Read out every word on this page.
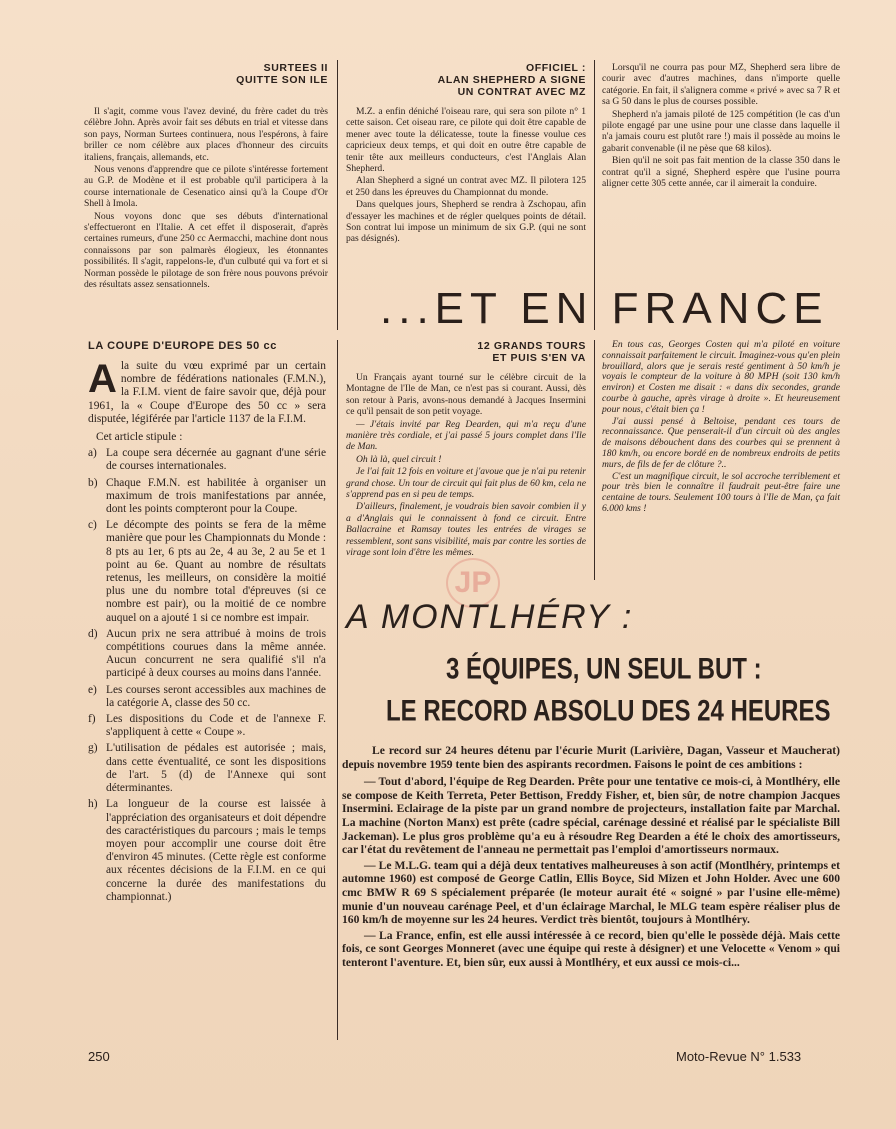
SURTEES II

QUITTE SON ILE

Il s'agit, comme vous l'avez deviné, du frère cadet du très célèbre John. Après avoir fait ses débuts en trial et vitesse dans son pays, Norman Surtees continuera, nous l'espérons, à faire briller ce nom célèbre aux places d'honneur des circuits italiens, français, allemands, etc.

Nous venons d'apprendre que ce pilote s'intéresse fortement au G.P. de Modène et il est probable qu'il participera à la course internationale de Cesenatico ainsi qu'à la Coupe d'Or Shell à Imola.

Nous voyons donc que ses débuts d'international s'effectueront en l'Italie. A cet effet il disposerait, d'après certaines rumeurs, d'une 250 cc Aermacchi, machine dont nous connaissons par son palmarès élogieux, les étonnantes possibilités. Il s'agit, rappelons-le, d'un culbuté qui va fort et si Norman possède le pilotage de son frère nous pouvons prévoir des résultats assez sensationnels.

OFFICIEL :

ALAN SHEPHERD A SIGNE

UN CONTRAT AVEC MZ

M.Z. a enfin déniché l'oiseau rare, qui sera son pilote n° 1 cette saison. Cet oiseau rare, ce pilote qui doit être capable de mener avec toute la délicatesse, toute la finesse voulue ces capricieux deux temps, et qui doit en outre être capable de tenir tête aux meilleurs conducteurs, c'est l'Anglais Alan Shepherd.

Alan Shepherd a signé un contrat avec MZ. Il pilotera 125 et 250 dans les épreuves du Championnat du monde.

Dans quelques jours, Shepherd se rendra à Zschopau, afin d'essayer les machines et de régler quelques points de détail. Son contrat lui impose un minimum de six G.P. (qui ne sont pas désignés).

Lorsqu'il ne courra pas pour MZ, Shepherd sera libre de courir avec d'autres machines, dans n'importe quelle catégorie. En fait, il s'alignera comme « privé » avec sa 7 R et sa G 50 dans le plus de courses possible.

Shepherd n'a jamais piloté de 125 compétition (le cas d'un pilote engagé par une usine pour une classe dans laquelle il n'a jamais couru est plutôt rare !) mais il possède au moins le gabarit convenable (il ne pèse que 68 kilos).

Bien qu'il ne soit pas fait mention de la classe 350 dans le contrat qu'il a signé, Shepherd espère que l'usine pourra aligner cette 305 cette année, car il aimerait la conduire.

...ET EN FRANCE

LA COUPE D'EUROPE DES 50 cc

Ala suite du vœu exprimé par un certain nombre de fédérations nationales (F.M.N.), la F.I.M. vient de faire savoir que, déjà pour 1961, la « Coupe d'Europe des 50 cc » sera disputée, légiférée par l'article 1137 de la F.I.M.

Cet article stipule :

a) La coupe sera décernée au gagnant d'une série de courses internationales.
b) Chaque F.M.N. est habilitée à organiser un maximum de trois manifestations par année, dont les points compteront pour la Coupe.
c) Le décompte des points se fera de la même manière que pour les Championnats du Monde : 8 pts au 1er, 6 pts au 2e, 4 au 3e, 2 au 5e et 1 point au 6e. Quant au nombre de résultats retenus, les meilleurs, on considère la moitié plus une du nombre total d'épreuves (si ce nombre est pair), ou la moitié de ce nombre auquel on a ajouté 1 si ce nombre est impair.
d) Aucun prix ne sera attribué à moins de trois compétitions courues dans la même année. Aucun concurrent ne sera qualifié s'il n'a participé à deux courses au moins dans l'année.
e) Les courses seront accessibles aux machines de la catégorie A, classe des 50 cc.
f) Les dispositions du Code et de l'annexe F. s'appliquent à cette « Coupe ».
g) L'utilisation de pédales est autorisée ; mais, dans cette éventualité, ce sont les dispositions de l'art. 5 (d) de l'Annexe qui sont déterminantes.
h) La longueur de la course est laissée à l'appréciation des organisateurs et doit dépendre des caractéristiques du parcours ; mais le temps moyen pour accomplir une course doit être d'environ 45 minutes. (Cette règle est conforme aux récentes décisions de la F.I.M. en ce qui concerne la durée des manifestations du championnat.)

12 GRANDS TOURS

ET PUIS S'EN VA

Un Français ayant tourné sur le célèbre circuit de la Montagne de l'Ile de Man, ce n'est pas si courant. Aussi, dès son retour à Paris, avons-nous demandé à Jacques Insermini ce qu'il pensait de son petit voyage.

— J'étais invité par Reg Dearden, qui m'a reçu d'une manière très cordiale, et j'ai passé 5 jours complet dans l'Ile de Man.

Oh là là, quel circuit !

Je l'ai fait 12 fois en voiture et j'avoue que je n'ai pu retenir grand chose. Un tour de circuit qui fait plus de 60 km, cela ne s'apprend pas en si peu de temps.

D'ailleurs, finalement, je voudrais bien savoir combien il y a d'Anglais qui le connaissent à fond ce circuit. Entre Ballacraine et Ramsay toutes les entrées de virages se ressemblent, sont sans visibilité, mais par contre les sorties de virage sont loin d'être les mêmes.

En tous cas, Georges Costen qui m'a piloté en voiture connaissait parfaitement le circuit. Imaginez-vous qu'en plein brouillard, alors que je serais resté gentiment à 50 km/h je voyais le compteur de la voiture à 80 MPH (soit 130 km/h environ) et Costen me disait : « dans dix secondes, grande courbe à gauche, après virage à droite ». Et heureusement pour nous, c'était bien ça !

J'ai aussi pensé à Beltoise, pendant ces tours de reconnaissance. Que penserait-il d'un circuit où des angles de maisons débouchent dans des courbes qui se prennent à 180 km/h, ou encore bordé en de nombreux endroits de petits murs, de fils de fer de clôture ?..

C'est un magnifique circuit, le sol accroche terriblement et pour très bien le connaître il faudrait peut-être faire une centaine de tours. Seulement 100 tours à l'Ile de Man, ça fait 6.000 kms !

JP
A MONTLHÉRY :
3 ÉQUIPES, UN SEUL BUT :
LE RECORD ABSOLU DES 24 HEURES

Le record sur 24 heures détenu par l'écurie Murit (Larivière, Dagan, Vasseur et Maucherat) depuis novembre 1959 tente bien des aspirants recordmen. Faisons le point de ces ambitions :

— Tout d'abord, l'équipe de Reg Dearden. Prête pour une tentative ce mois-ci, à Montlhéry, elle se compose de Keith Terreta, Peter Bettison, Freddy Fisher, et, bien sûr, de notre champion Jacques Insermini. Eclairage de la piste par un grand nombre de projecteurs, installation faite par Marchal. La machine (Norton Manx) est prête (cadre spécial, carénage dessiné et réalisé par le spécialiste Bill Jackeman). Le plus gros problème qu'a eu à résoudre Reg Dearden a été le choix des amortisseurs, car l'état du revêtement de l'anneau ne permettait pas l'emploi d'amortisseurs normaux.

— Le M.L.G. team qui a déjà deux tentatives malheureuses à son actif (Montlhéry, printemps et automne 1960) est composé de George Catlin, Ellis Boyce, Sid Mizen et John Holder. Avec une 600 cmc BMW R 69 S spécialement préparée (le moteur aurait été « soigné » par l'usine elle-même) munie d'un nouveau carénage Peel, et d'un éclairage Marchal, le MLG team espère réaliser plus de 160 km/h de moyenne sur les 24 heures. Verdict très bientôt, toujours à Montlhéry.

— La France, enfin, est elle aussi intéressée à ce record, bien qu'elle le possède déjà. Mais cette fois, ce sont Georges Monneret (avec une équipe qui reste à désigner) et une Velocette « Venom » qui tenteront l'aventure. Et, bien sûr, eux aussi à Montlhéry, et eux aussi ce mois-ci...

250	Moto-Revue N° 1.533
